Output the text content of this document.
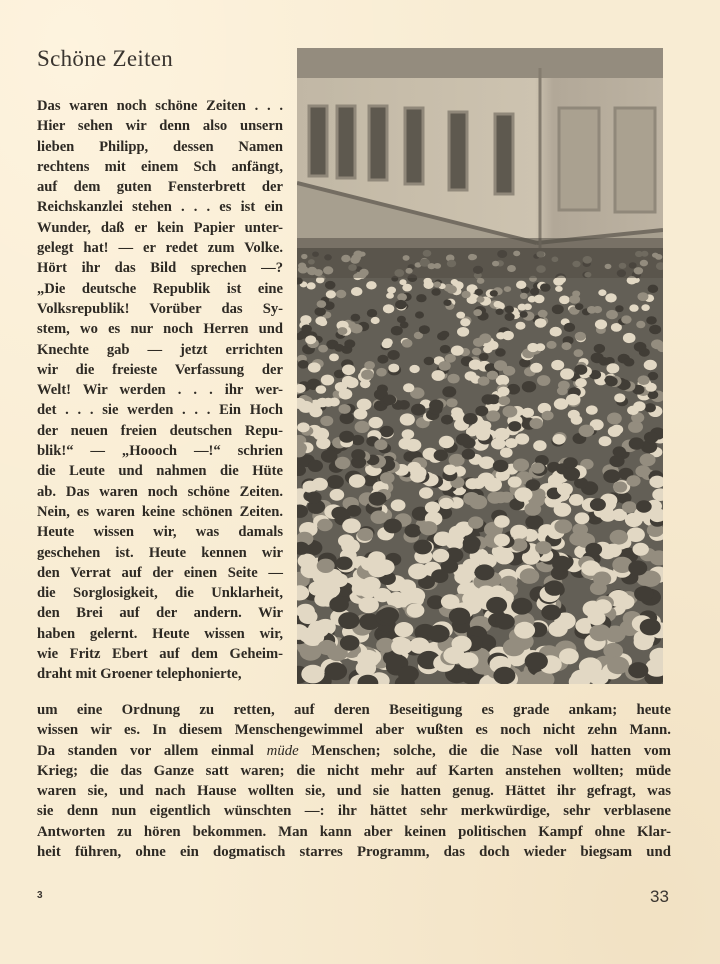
Schöne Zeiten
Das waren noch schöne Zeiten . . .
Hier sehen wir denn also unsern
lieben Philipp, dessen Namen
rechtens mit einem Sch anfängt,
auf dem guten Fensterbrett der
Reichskanzlei stehen . . . es ist ein
Wunder, daß er kein Papier unter-
gelegt hat! — er redet zum Volke.
Hört ihr das Bild sprechen —?
„Die deutsche Republik ist eine
Volksrepublik! Vorüber das Sy-
stem, wo es nur noch Herren und
Knechte gab — jetzt errichten
wir die freieste Verfassung der
Welt! Wir werden . . . ihr wer-
det . . . sie werden . . . Ein Hoch
der neuen freien deutschen Repu-
blik!“ — „Hoooch —!“ schrien
die Leute und nahmen die Hüte
ab. Das waren noch schöne Zeiten.
Nein, es waren keine schönen Zeiten.
Heute wissen wir, was damals
geschehen ist. Heute kennen wir
den Verrat auf der einen Seite —
die Sorglosigkeit, die Unklarheit,
den Brei auf der andern. Wir
haben gelernt. Heute wissen wir,
wie Fritz Ebert auf dem Geheim-
draht mit Groener telephonierte,
um eine Ordnung zu retten, auf deren Beseitigung es grade ankam; heute
wissen wir es. In diesem Menschengewimmel aber wußten es noch nicht zehn Mann.
Da standen vor allem einmal müde Menschen; solche, die die Nase voll hatten vom
Krieg; die das Ganze satt waren; die nicht mehr auf Karten anstehen wollten; müde
waren sie, und nach Hause wollten sie, und sie hatten genug. Hättet ihr gefragt, was
sie denn nun eigentlich wünschten —: ihr hättet sehr merkwürdige, sehr verblasene
Antworten zu hören bekommen. Man kann aber keinen politischen Kampf ohne Klar-
heit führen, ohne ein dogmatisch starres Programm, das doch wieder biegsam und
3	33
